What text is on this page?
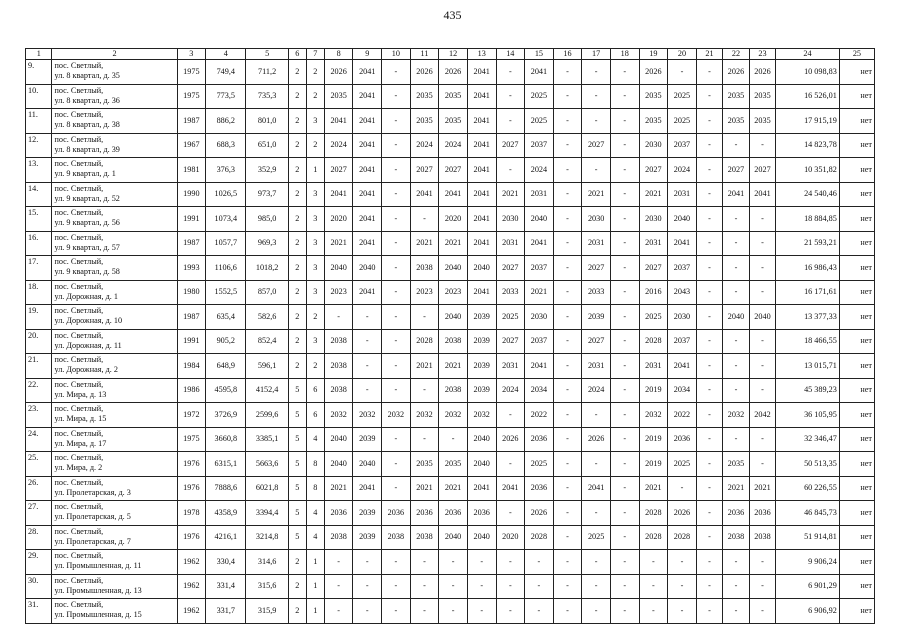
435
1	2	3	4	5	6	7	8	9	10	11	12	13	14	15	16	17	18	19	20	21	22	23	24	25
9.	пос. Светлый,
ул. 8 квартал, д. 35	1975	749,4	711,2	2	2	2026	2041	-	2026	2026	2041	-	2041	-	-	-	2026	-	-	2026	2026	10 098,83	нет
10.	пос. Светлый,
ул. 8 квартал, д. 36	1975	773,5	735,3	2	2	2035	2041	-	2035	2035	2041	-	2025	-	-	-	2035	2025	-	2035	2035	16 526,01	нет
11.	пос. Светлый,
ул. 8 квартал, д. 38	1987	886,2	801,0	2	3	2041	2041	-	2035	2035	2041	-	2025	-	-	-	2035	2025	-	2035	2035	17 915,19	нет
12.	пос. Светлый,
ул. 8 квартал, д. 39	1967	688,3	651,0	2	2	2024	2041	-	2024	2024	2041	2027	2037	-	2027	-	2030	2037	-	-	-	14 823,78	нет
13.	пос. Светлый,
ул. 9 квартал, д. 1	1981	376,3	352,9	2	1	2027	2041	-	2027	2027	2041	-	2024	-	-	-	2027	2024	-	2027	2027	10 351,82	нет
14.	пос. Светлый,
ул. 9 квартал, д. 52	1990	1026,5	973,7	2	3	2041	2041	-	2041	2041	2041	2021	2031	-	2021	-	2021	2031	-	2041	2041	24 540,46	нет
15.	пос. Светлый,
ул. 9 квартал, д. 56	1991	1073,4	985,0	2	3	2020	2041	-	-	2020	2041	2030	2040	-	2030	-	2030	2040	-	-	-	18 884,85	нет
16.	пос. Светлый,
ул. 9 квартал, д. 57	1987	1057,7	969,3	2	3	2021	2041	-	2021	2021	2041	2031	2041	-	2031	-	2031	2041	-	-	-	21 593,21	нет
17.	пос. Светлый,
ул. 9 квартал, д. 58	1993	1106,6	1018,2	2	3	2040	2040	-	2038	2040	2040	2027	2037	-	2027	-	2027	2037	-	-	-	16 986,43	нет
18.	пос. Светлый,
ул. Дорожная, д. 1	1980	1552,5	857,0	2	3	2023	2041	-	2023	2023	2041	2033	2021	-	2033	-	2016	2043	-	-	-	16 171,61	нет
19.	пос. Светлый,
ул. Дорожная, д. 10	1987	635,4	582,6	2	2	-	-	-	-	2040	2039	2025	2030	-	2039	-	2025	2030	-	2040	2040	13 377,33	нет
20.	пос. Светлый,
ул. Дорожная, д. 11	1991	905,2	852,4	2	3	2038	-	-	2028	2038	2039	2027	2037	-	2027	-	2028	2037	-	-	-	18 466,55	нет
21.	пос. Светлый,
ул. Дорожная, д. 2	1984	648,9	596,1	2	2	2038	-	-	2021	2021	2039	2031	2041	-	2031	-	2031	2041	-	-	-	13 015,71	нет
22.	пос. Светлый,
ул. Мира, д. 13	1986	4595,8	4152,4	5	6	2038	-	-	-	2038	2039	2024	2034	-	2024	-	2019	2034	-	-	-	45 389,23	нет
23.	пос. Светлый,
ул. Мира, д. 15	1972	3726,9	2599,6	5	6	2032	2032	2032	2032	2032	2032	-	2022	-	-	-	2032	2022	-	2032	2042	36 105,95	нет
24.	пос. Светлый,
ул. Мира, д. 17	1975	3660,8	3385,1	5	4	2040	2039	-	-	-	2040	2026	2036	-	2026	-	2019	2036	-	-	-	32 346,47	нет
25.	пос. Светлый,
ул. Мира, д. 2	1976	6315,1	5663,6	5	8	2040	2040	-	2035	2035	2040	-	2025	-	-	-	2019	2025	-	2035	-	50 513,35	нет
26.	пос. Светлый,
ул. Пролетарская, д. 3	1976	7888,6	6021,8	5	8	2021	2041	-	2021	2021	2041	2041	2036	-	2041	-	2021	-	-	2021	2021	60 226,55	нет
27.	пос. Светлый,
ул. Пролетарская, д. 5	1978	4358,9	3394,4	5	4	2036	2039	2036	2036	2036	2036	-	2026	-	-	-	2028	2026	-	2036	2036	46 845,73	нет
28.	пос. Светлый,
ул. Пролетарская, д. 7	1976	4216,1	3214,8	5	4	2038	2039	2038	2038	2040	2040	2020	2028	-	2025	-	2028	2028	-	2038	2038	51 914,81	нет
29.	пос. Светлый,
ул. Промышленная, д. 11	1962	330,4	314,6	2	1	-	-	-	-	-	-	-	-	-	-	-	-	-	-	-	-	9 906,24	нет
30.	пос. Светлый,
ул. Промышленная, д. 13	1962	331,4	315,6	2	1	-	-	-	-	-	-	-	-	-	-	-	-	-	-	-	-	6 901,29	нет
31.	пос. Светлый,
ул. Промышленная, д. 15	1962	331,7	315,9	2	1	-	-	-	-	-	-	-	-	-	-	-	-	-	-	-	-	6 906,92	нет
